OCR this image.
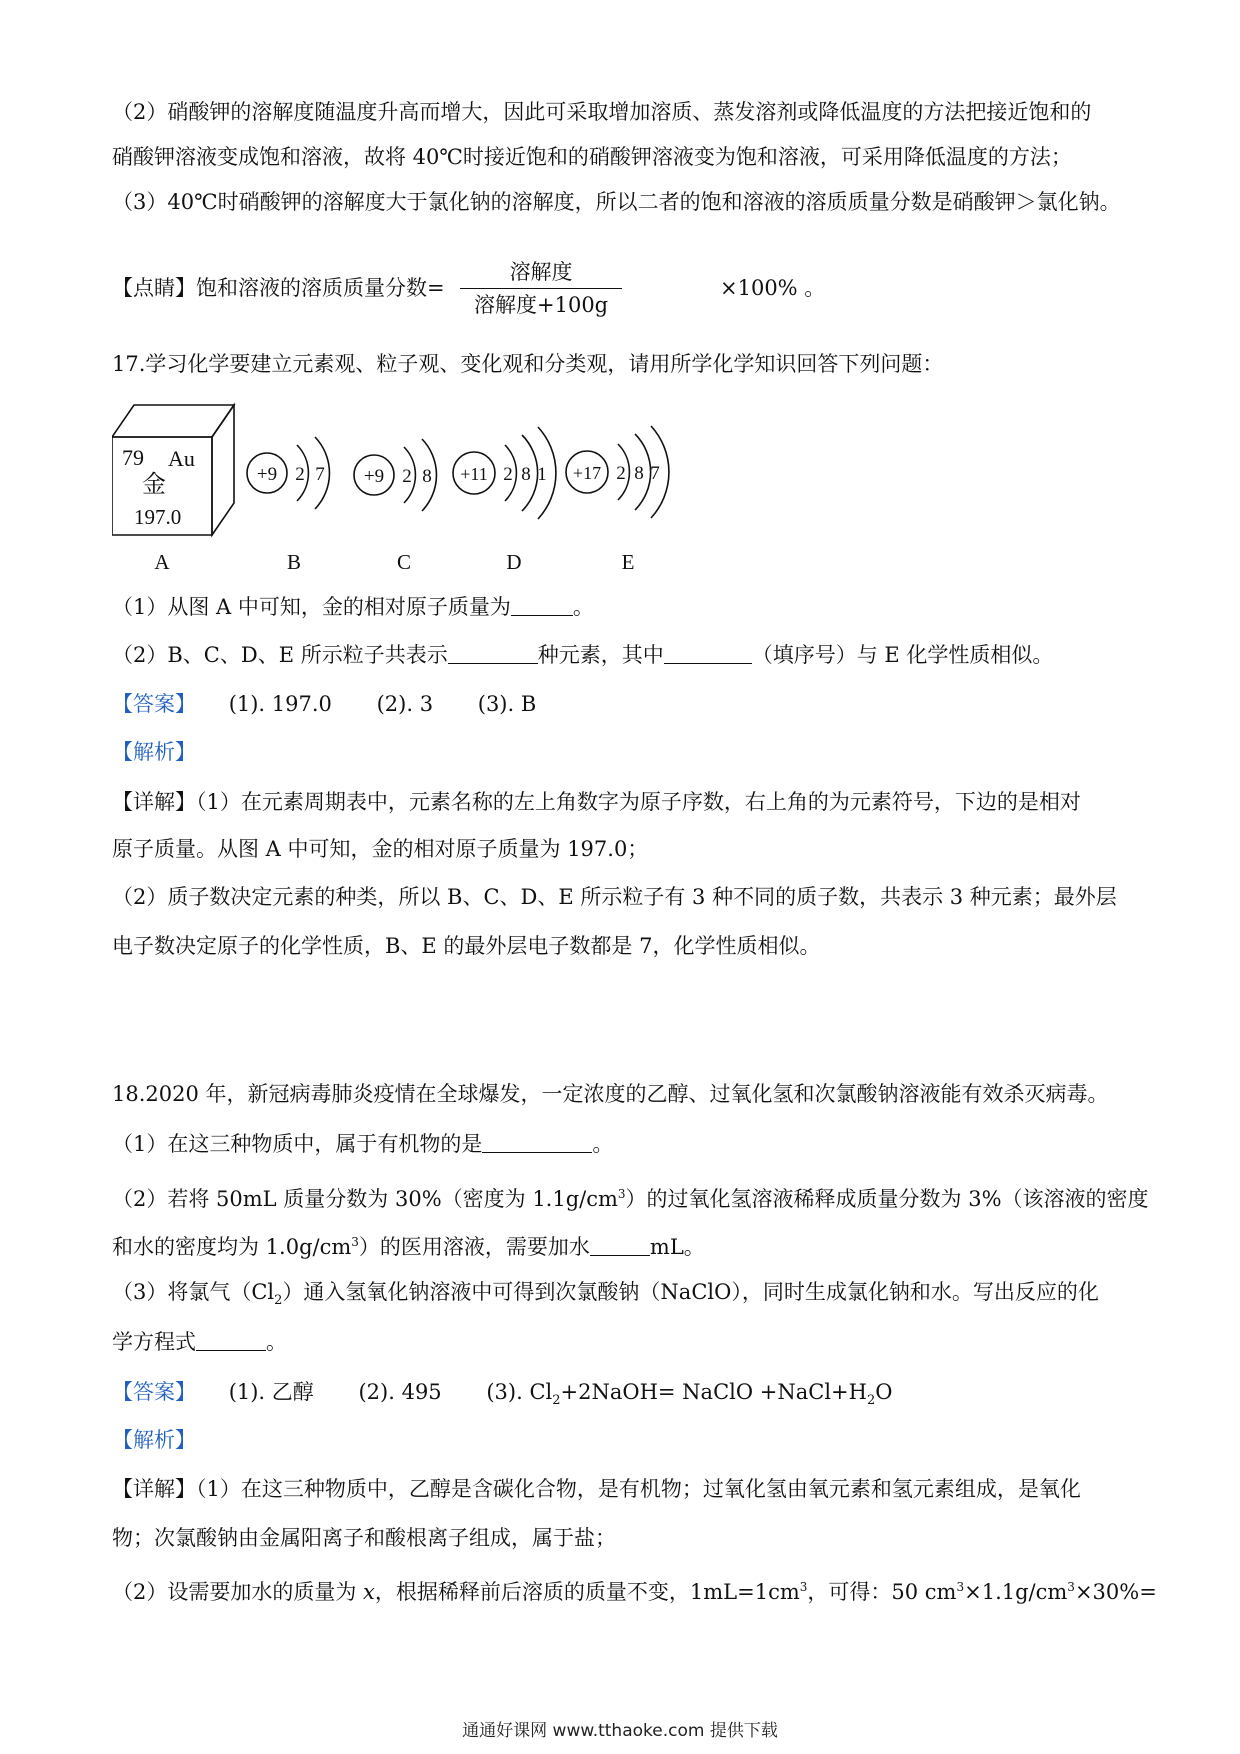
（2）硝酸钾的溶解度随温度升高而增大，因此可采取增加溶质、蒸发溶剂或降低温度的方法把接近饱和的
硝酸钾溶液变成饱和溶液，故将 40℃时接近饱和的硝酸钾溶液变为饱和溶液，可采用降低温度的方法；
（3）40℃时硝酸钾的溶解度大于氯化钠的溶解度，所以二者的饱和溶液的溶质质量分数是硝酸钾＞氯化钠。
【点睛】饱和溶液的溶质质量分数=
溶解度
溶解度+100g
×100% 。
17.学习化学要建立元素观、粒子观、变化观和分类观，请用所学化学知识回答下列问题：
79 Au
金
197.0
+9 2 7 +9 2 8 +11 2 8 1 +17 2 8 7
A	B	C	D	E
（1）从图 A 中可知，金的相对原子质量为	。
（2）B、C、D、E 所示粒子共表示	种元素，其中	（填序号）与 E 化学性质相似。
【答案】 (1). 197.0 (2). 3 (3). B
【解析】
【详解】（1）在元素周期表中，元素名称的左上角数字为原子序数，右上角的为元素符号，下边的是相对
原子质量。从图 A 中可知，金的相对原子质量为 197.0；
（2）质子数决定元素的种类，所以 B、C、D、E 所示粒子有 3 种不同的质子数，共表示 3 种元素；最外层
电子数决定原子的化学性质，B、E 的最外层电子数都是 7，化学性质相似。
18.2020 年，新冠病毒肺炎疫情在全球爆发，一定浓度的乙醇、过氧化氢和次氯酸钠溶液能有效杀灭病毒。
（1）在这三种物质中，属于有机物的是	。
（2）若将 50mL 质量分数为 30%（密度为 $1.1g/cm^3$）的过氧化氢溶液稀释成质量分数为 3%（该溶液的密度
和水的密度均为 $1.0g/cm^3$）的医用溶液，需要加水	mL。
（3）将氯气$(Cl_2)$通入氢氧化钠溶液中可得到次氯酸钠（NaClO），同时生成氯化钠和水。写出反应的化
学方程式	。
【答案】 (1). 乙醇 (2). 495 (3). $Cl_2+2NaOH=$ NaClO $+NaCl+H_2O$
【解析】
【详解】（1）在这三种物质中，乙醇是含碳化合物，是有机物；过氧化氢由氧元素和氢元素组成，是氧化
物；次氯酸钠由金属阳离子和酸根离子组成，属于盐；
（2）设需要加水的质量为 x，根据稀释前后溶质的质量不变，$1mL=1cm^3$，可得：50 $cm^3\times 1.1g/cm^3\times 30\%=$
通通好课网 www.tthaoke.com 提供下载
